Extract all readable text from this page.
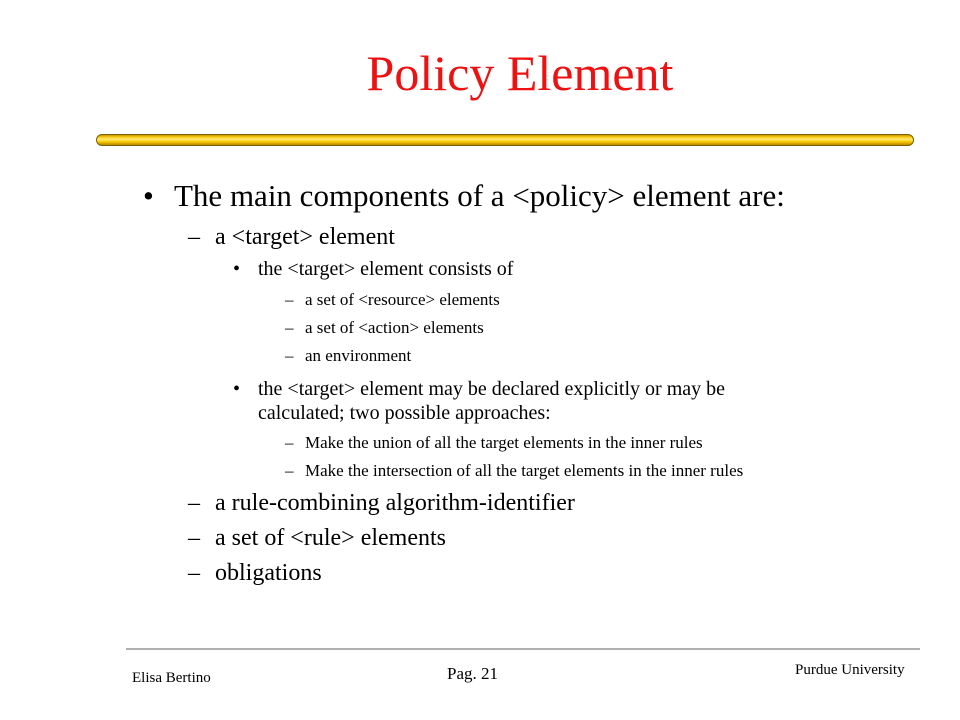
Policy Element
• The main components of a <policy> element are:
– a <target> element
• the <target> element consists of
– a set of <resource> elements
– a set of <action> elements
– an environment
• the <target> element may be declared explicitly or may be
calculated; two possible approaches:
– Make the union of all the target elements in the inner rules
– Make the intersection of all the target elements in the inner rules
– a rule-combining algorithm-identifier
– a set of <rule> elements
– obligations
Elisa Bertino	Pag. 21	Purdue University
